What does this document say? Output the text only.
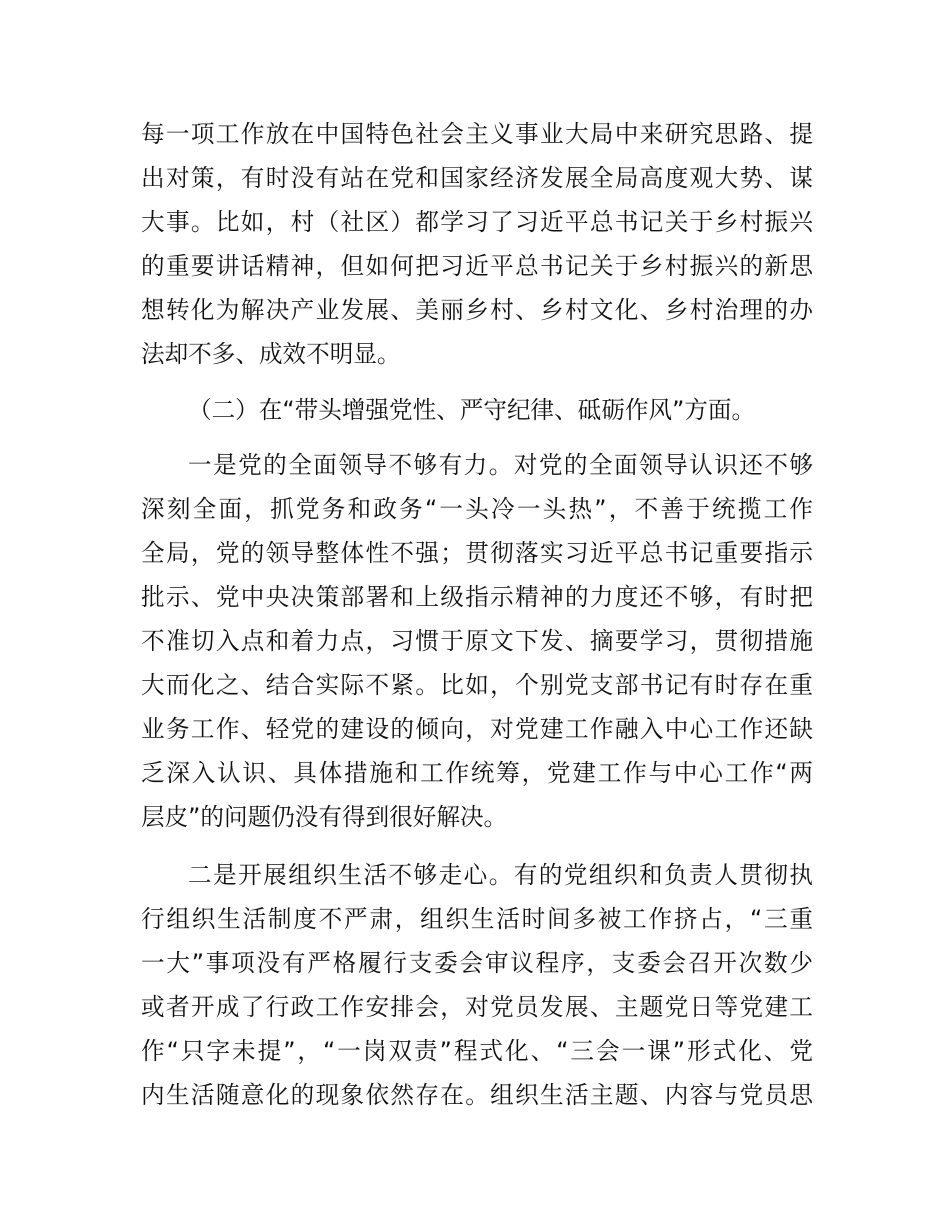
每一项工作放在中国特色社会主义事业大局中来研究思路、提

出对策，有时没有站在党和国家经济发展全局高度观大势、谋

大事。比如，村（社区）都学习了习近平总书记关于乡村振兴

的重要讲话精神，但如何把习近平总书记关于乡村振兴的新思

想转化为解决产业发展、美丽乡村、乡村文化、乡村治理的办

法却不多、成效不明显。

（二）在“带头增强党性、严守纪律、砥砺作风”方面。

一是党的全面领导不够有力。对党的全面领导认识还不够

深刻全面，抓党务和政务“一头冷一头热”，不善于统揽工作

全局，党的领导整体性不强；贯彻落实习近平总书记重要指示

批示、党中央决策部署和上级指示精神的力度还不够，有时把

不准切入点和着力点，习惯于原文下发、摘要学习，贯彻措施

大而化之、结合实际不紧。比如，个别党支部书记有时存在重

业务工作、轻党的建设的倾向，对党建工作融入中心工作还缺

乏深入认识、具体措施和工作统筹，党建工作与中心工作“两

层皮”的问题仍没有得到很好解决。

二是开展组织生活不够走心。有的党组织和负责人贯彻执

行组织生活制度不严肃，组织生活时间多被工作挤占，“三重

一大”事项没有严格履行支委会审议程序，支委会召开次数少

或者开成了行政工作安排会，对党员发展、主题党日等党建工

作“只字未提”，“一岗双责”程式化、“三会一课”形式化、党

内生活随意化的现象依然存在。组织生活主题、内容与党员思
